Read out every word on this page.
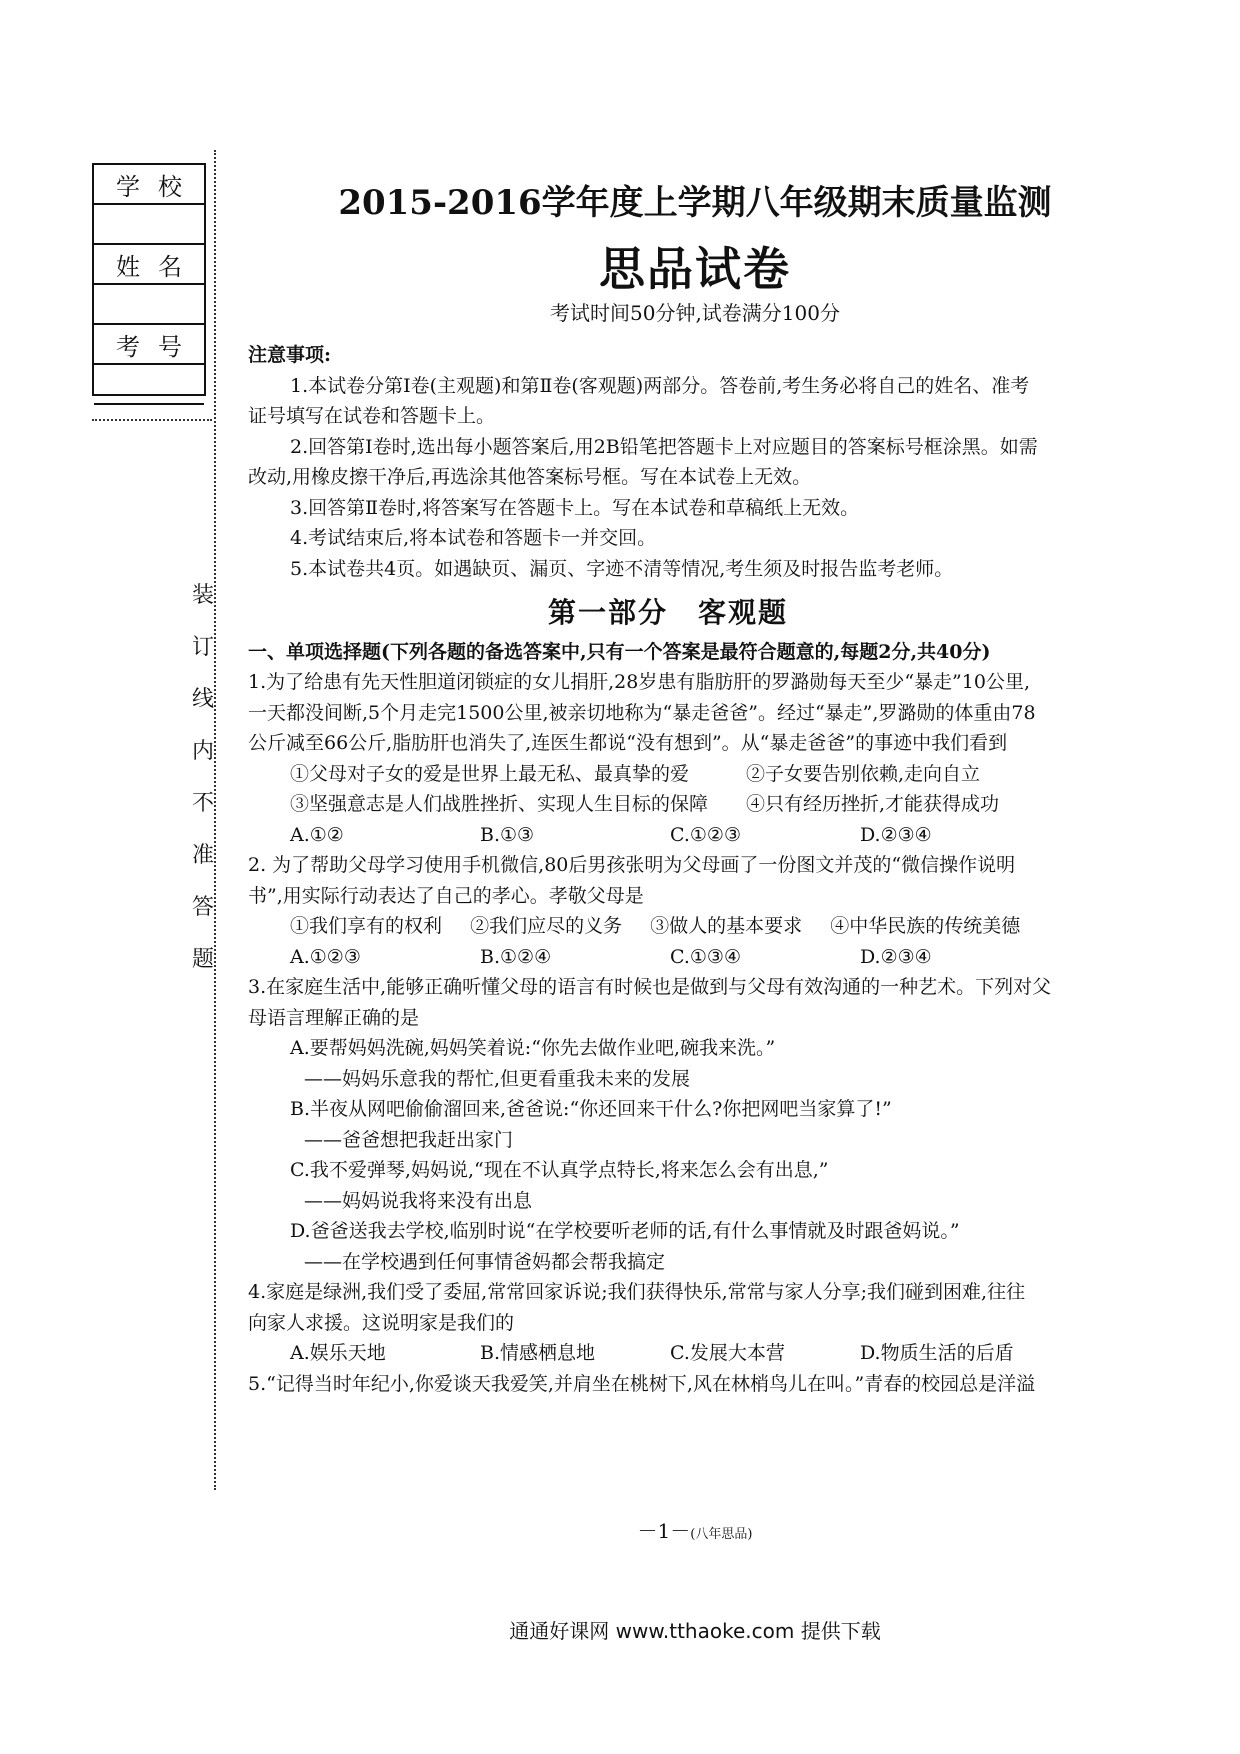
学校
姓名
考号
装
订
线
内
不
准
答
题
2015-2016学年度上学期八年级期末质量监测
思品试卷
考试时间50分钟,试卷满分100分
注意事项:

1.本试卷分第Ⅰ卷(主观题)和第Ⅱ卷(客观题)两部分。答卷前,考生务必将自己的姓名、准考

证号填写在试卷和答题卡上。

2.回答第Ⅰ卷时,选出每小题答案后,用2B铅笔把答题卡上对应题目的答案标号框涂黑。如需

改动,用橡皮擦干净后,再选涂其他答案标号框。写在本试卷上无效。

3.回答第Ⅱ卷时,将答案写在答题卡上。写在本试卷和草稿纸上无效。

4.考试结束后,将本试卷和答题卡一并交回。

5.本试卷共4页。如遇缺页、漏页、字迹不清等情况,考生须及时报告监考老师。

第一部分 客观题
一、单项选择题(下列各题的备选答案中,只有一个答案是最符合题意的,每题2分,共40分)

1.为了给患有先天性胆道闭锁症的女儿捐肝,28岁患有脂肪肝的罗潞勋每天至少“暴走”10公里,

一天都没间断,5个月走完1500公里,被亲切地称为“暴走爸爸”。经过“暴走”,罗潞勋的体重由78

公斤减至66公斤,脂肪肝也消失了,连医生都说“没有想到”。从“暴走爸爸”的事迹中我们看到

①父母对子女的爱是世界上最无私、最真挚的爱	②子女要告别依赖,走向自立
③坚强意志是人们战胜挫折、实现人生目标的保障	④只有经历挫折,才能获得成功
A.①②	B.①③	C.①②③	D.②③④

2. 为了帮助父母学习使用手机微信,80后男孩张明为父母画了一份图文并茂的“微信操作说明

书”,用实际行动表达了自己的孝心。孝敬父母是

①我们享有的权利 ②我们应尽的义务 ③做人的基本要求 ④中华民族的传统美德
A.①②③	B.①②④	C.①③④	D.②③④

3.在家庭生活中,能够正确听懂父母的语言有时候也是做到与父母有效沟通的一种艺术。下列对父

母语言理解正确的是

A.要帮妈妈洗碗,妈妈笑着说:“你先去做作业吧,碗我来洗。”

——妈妈乐意我的帮忙,但更看重我未来的发展

B.半夜从网吧偷偷溜回来,爸爸说:“你还回来干什么?你把网吧当家算了!”

——爸爸想把我赶出家门

C.我不爱弹琴,妈妈说,“现在不认真学点特长,将来怎么会有出息,”

——妈妈说我将来没有出息

D.爸爸送我去学校,临别时说“在学校要听老师的话,有什么事情就及时跟爸妈说。”

——在学校遇到任何事情爸妈都会帮我搞定

4.家庭是绿洲,我们受了委屈,常常回家诉说;我们获得快乐,常常与家人分享;我们碰到困难,往往

向家人求援。这说明家是我们的

A.娱乐天地	B.情感栖息地	C.发展大本营	D.物质生活的后盾

5.“记得当时年纪小,你爱谈天我爱笑,并肩坐在桃树下,风在林梢鸟儿在叫。”青春的校园总是洋溢

－1－(八年思品)
通通好课网 www.tthaoke.com 提供下载
